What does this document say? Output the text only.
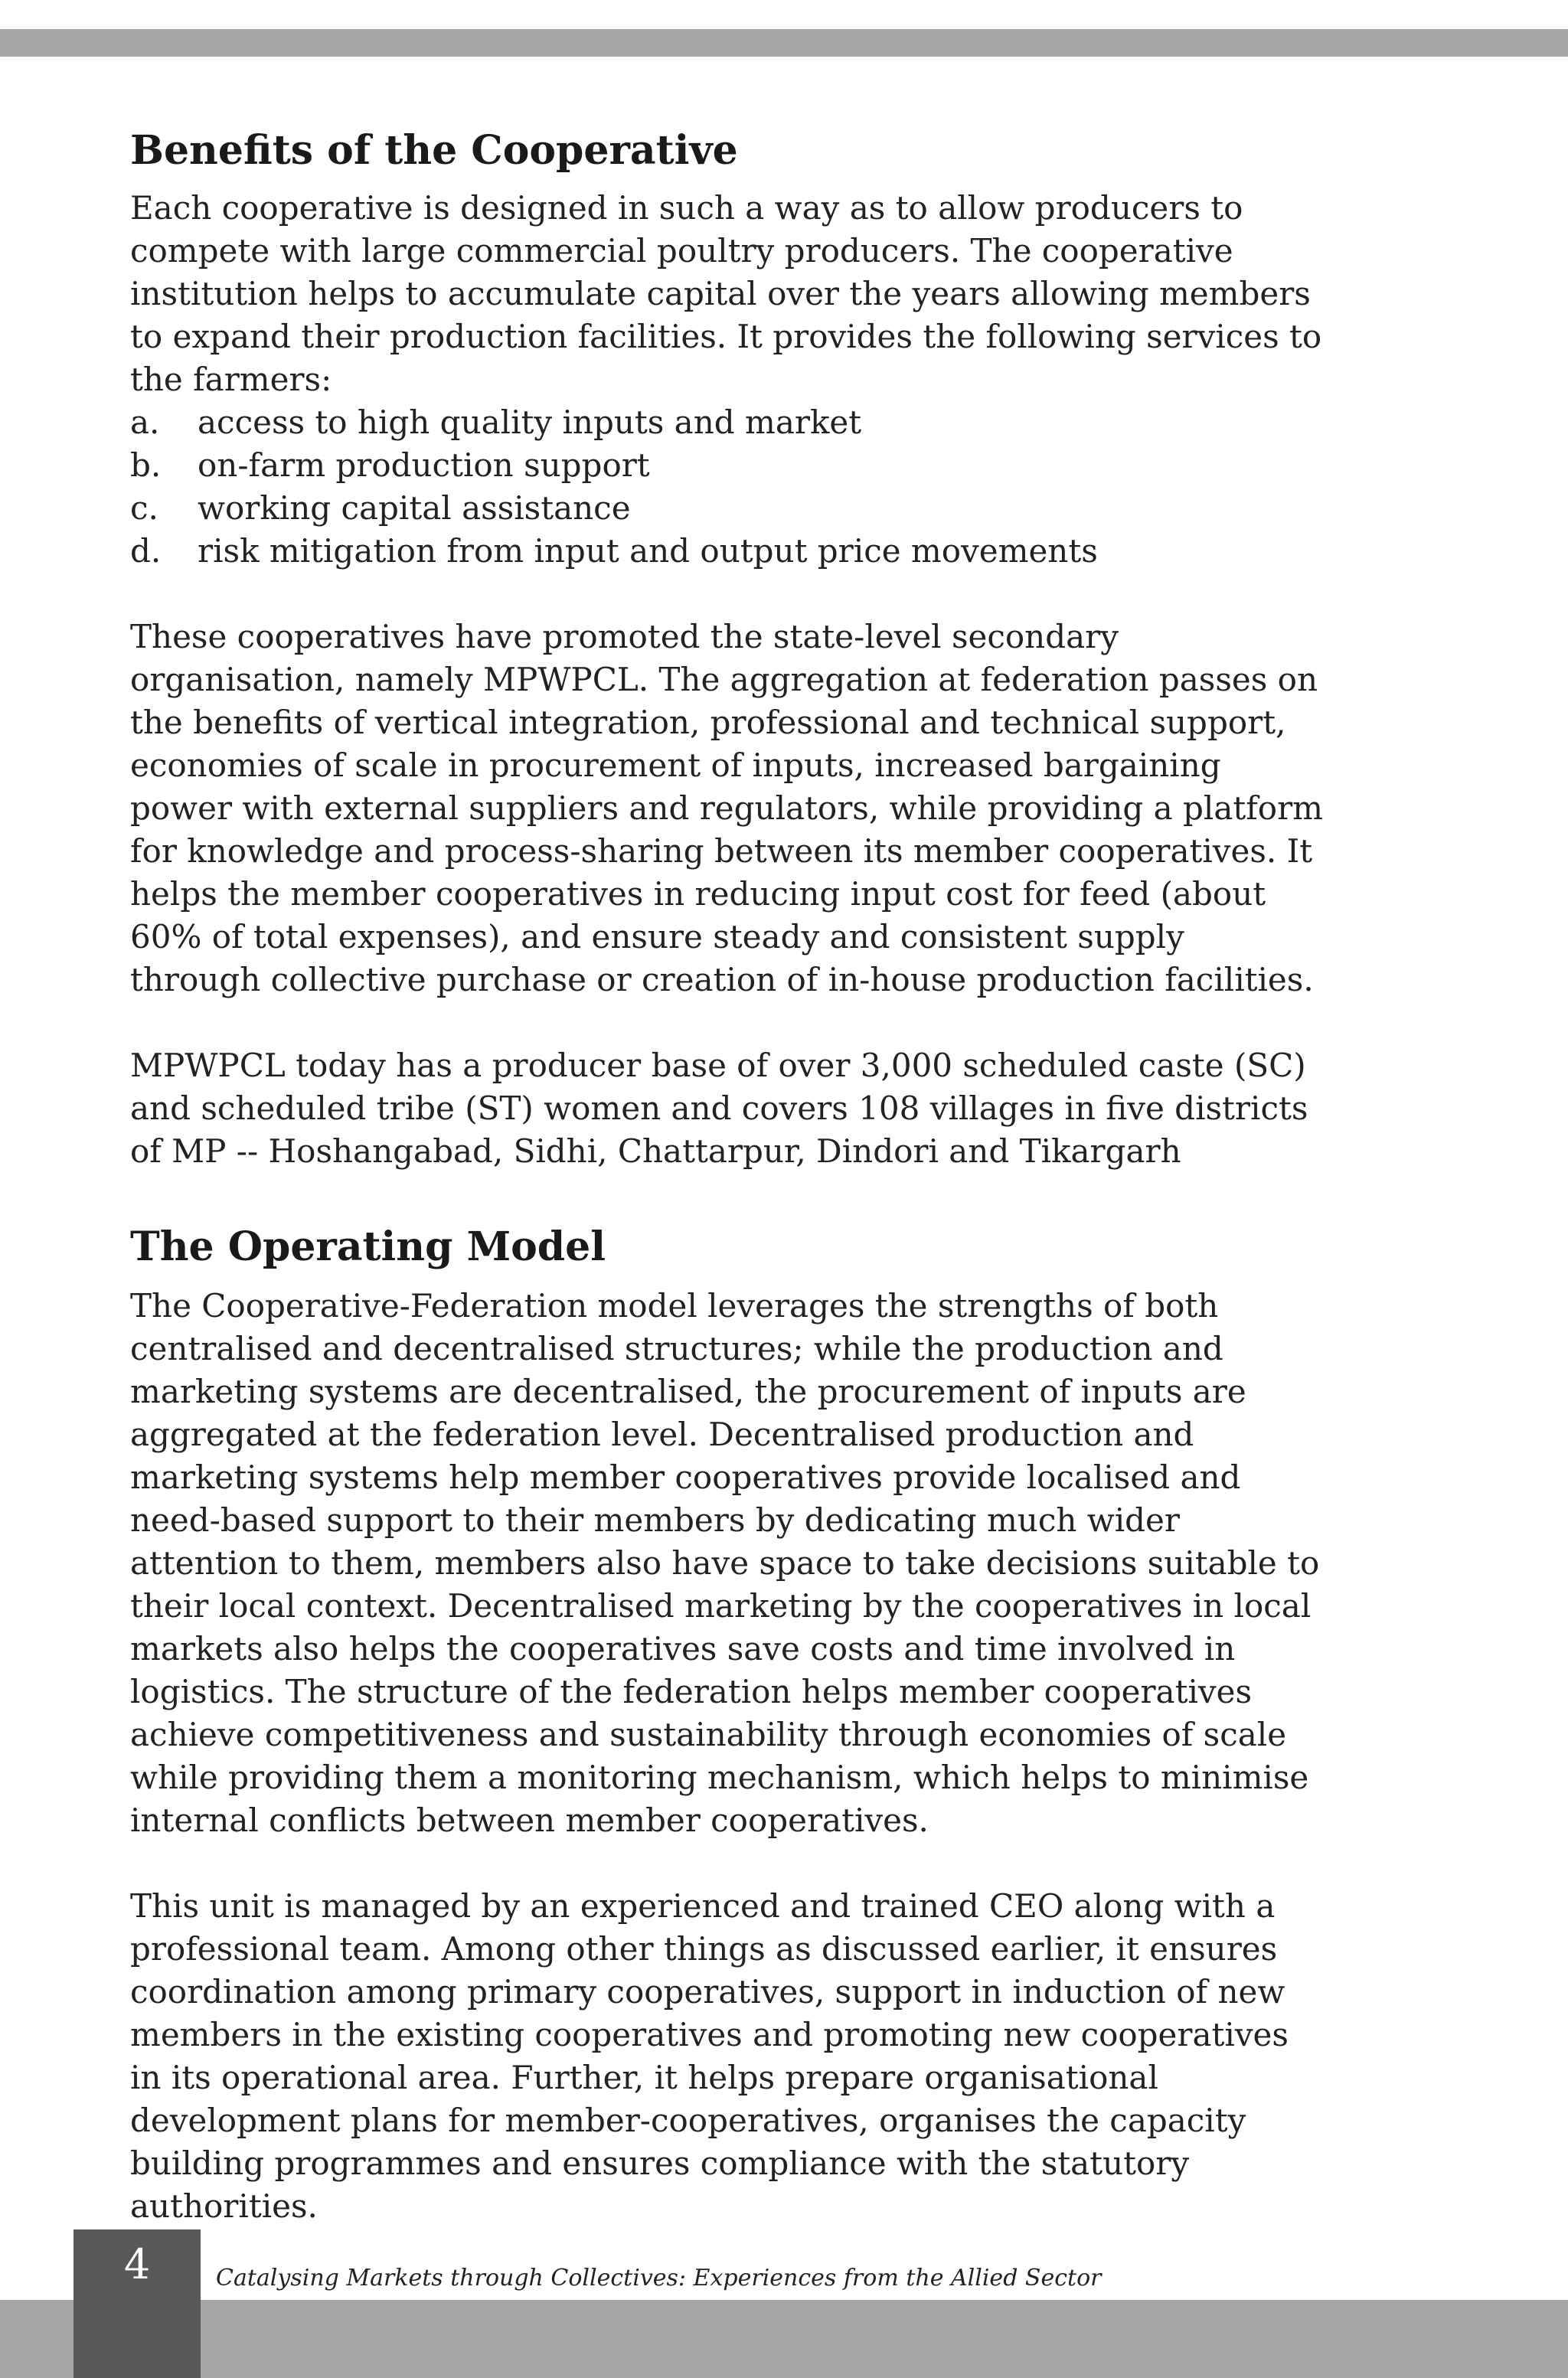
Benefits of the Cooperative

Each cooperative is designed in such a way as to allow producers to compete with large commercial poultry producers. The cooperative institution helps to accumulate capital over the years allowing members to expand their production facilities. It provides the following services to the farmers:

a.	access to high quality inputs and market
b.	on-farm production support
c.	working capital assistance
d.	risk mitigation from input and output price movements

These cooperatives have promoted the state-level secondary organisation, namely MPWPCL. The aggregation at federation passes on the benefits of vertical integration, professional and technical support, economies of scale in procurement of inputs, increased bargaining power with external suppliers and regulators, while providing a platform for knowledge and process-sharing between its member cooperatives. It helps the member cooperatives in reducing input cost for feed (about 60% of total expenses), and ensure steady and consistent supply through collective purchase or creation of in-house production facilities.

MPWPCL today has a producer base of over 3,000 scheduled caste (SC) and scheduled tribe (ST) women and covers 108 villages in five districts of MP -- Hoshangabad, Sidhi, Chattarpur, Dindori and Tikargarh

The Operating Model

The Cooperative-Federation model leverages the strengths of both centralised and decentralised structures; while the production and marketing systems are decentralised, the procurement of inputs are aggregated at the federation level. Decentralised production and marketing systems help member cooperatives provide localised and need-based support to their members by dedicating much wider attention to them, members also have space to take decisions suitable to their local context. Decentralised marketing by the cooperatives in local markets also helps the cooperatives save costs and time involved in logistics. The structure of the federation helps member cooperatives achieve competitiveness and sustainability through economies of scale while providing them a monitoring mechanism, which helps to minimise internal conflicts between member cooperatives.

This unit is managed by an experienced and trained CEO along with a professional team. Among other things as discussed earlier, it ensures coordination among primary cooperatives, support in induction of new members in the existing cooperatives and promoting new cooperatives in its operational area. Further, it helps prepare organisational development plans for member-cooperatives, organises the capacity building programmes and ensures compliance with the statutory authorities.

4	Catalysing Markets through Collectives: Experiences from the Allied Sector
